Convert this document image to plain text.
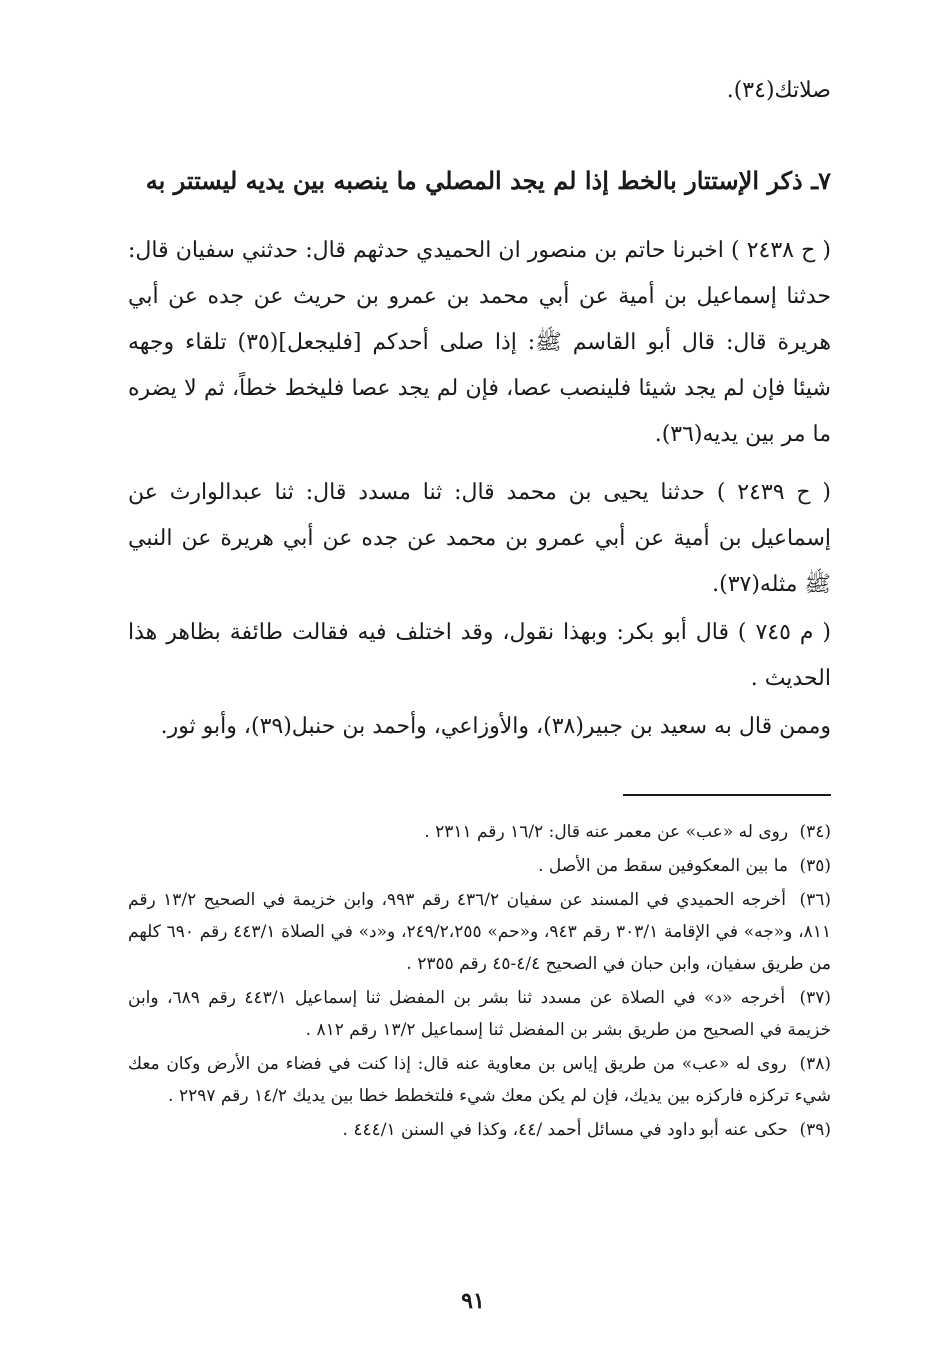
صلاتك(٣٤).
٧ـ ذكر الإستتار بالخط إذا لم يجد المصلي ما ينصبه بين يديه ليستتر به
( ح ٢٤٣٨ ) اخبرنا حاتم بن منصور ان الحميدي حدثهم قال: حدثني سفيان قال: حدثنا إسماعيل بن أمية عن أبي محمد بن عمرو بن حريث عن جده عن أبي هريرة قال: قال أبو القاسم ﷺ: إذا صلى أحدكم [فليجعل](٣٥) تلقاء وجهه شيئا فإن لم يجد شيئا فلينصب عصا، فإن لم يجد عصا فليخط خطاً، ثم لا يضره ما مر بين يديه(٣٦).
( ح ٢٤٣٩ ) حدثنا يحيى بن محمد قال: ثنا مسدد قال: ثنا عبدالوارث عن إسماعيل بن أمية عن أبي عمرو بن محمد عن جده عن أبي هريرة عن النبي ﷺ مثله(٣٧).
( م ٧٤٥ ) قال أبو بكر: وبهذا نقول، وقد اختلف فيه فقالت طائفة بظاهر هذا الحديث .
وممن قال به سعيد بن جبير(٣٨)، والأوزاعي، وأحمد بن حنبل(٣٩)، وأبو ثور.

(٣٤) روى له «عب» عن معمر عنه قال: ١٦/٢ رقم ٢٣١١ .

(٣٥) ما بين المعكوفين سقط من الأصل .

(٣٦) أخرجه الحميدي في المسند عن سفيان ٤٣٦/٢ رقم ٩٩٣، وابن خزيمة في الصحيح ١٣/٢ رقم ٨١١، و«جه» في الإقامة ٣٠٣/١ رقم ٩٤٣، و«حم» ٢٤٩/٢،٢٥٥، و«د» في الصلاة ٤٤٣/١ رقم ٦٩٠ كلهم من طريق سفيان، وابن حبان في الصحيح ٤/٤-٤٥ رقم ٢٣٥٥ .

(٣٧) أخرجه «د» في الصلاة عن مسدد ثنا بشر بن المفضل ثنا إسماعيل ٤٤٣/١ رقم ٦٨٩، وابن خزيمة في الصحيح من طريق بشر بن المفضل ثنا إسماعيل ١٣/٢ رقم ٨١٢ .

(٣٨) روى له «عب» من طريق إياس بن معاوية عنه قال: إذا كنت في فضاء من الأرض وكان معك شيء تركزه فاركزه بين يديك، فإن لم يكن معك شيء فلتخطط خطا بين يديك ١٤/٢ رقم ٢٢٩٧ .

(٣٩) حكى عنه أبو داود في مسائل أحمد /٤٤، وكذا في السنن ٤٤٤/١ .

٩١
